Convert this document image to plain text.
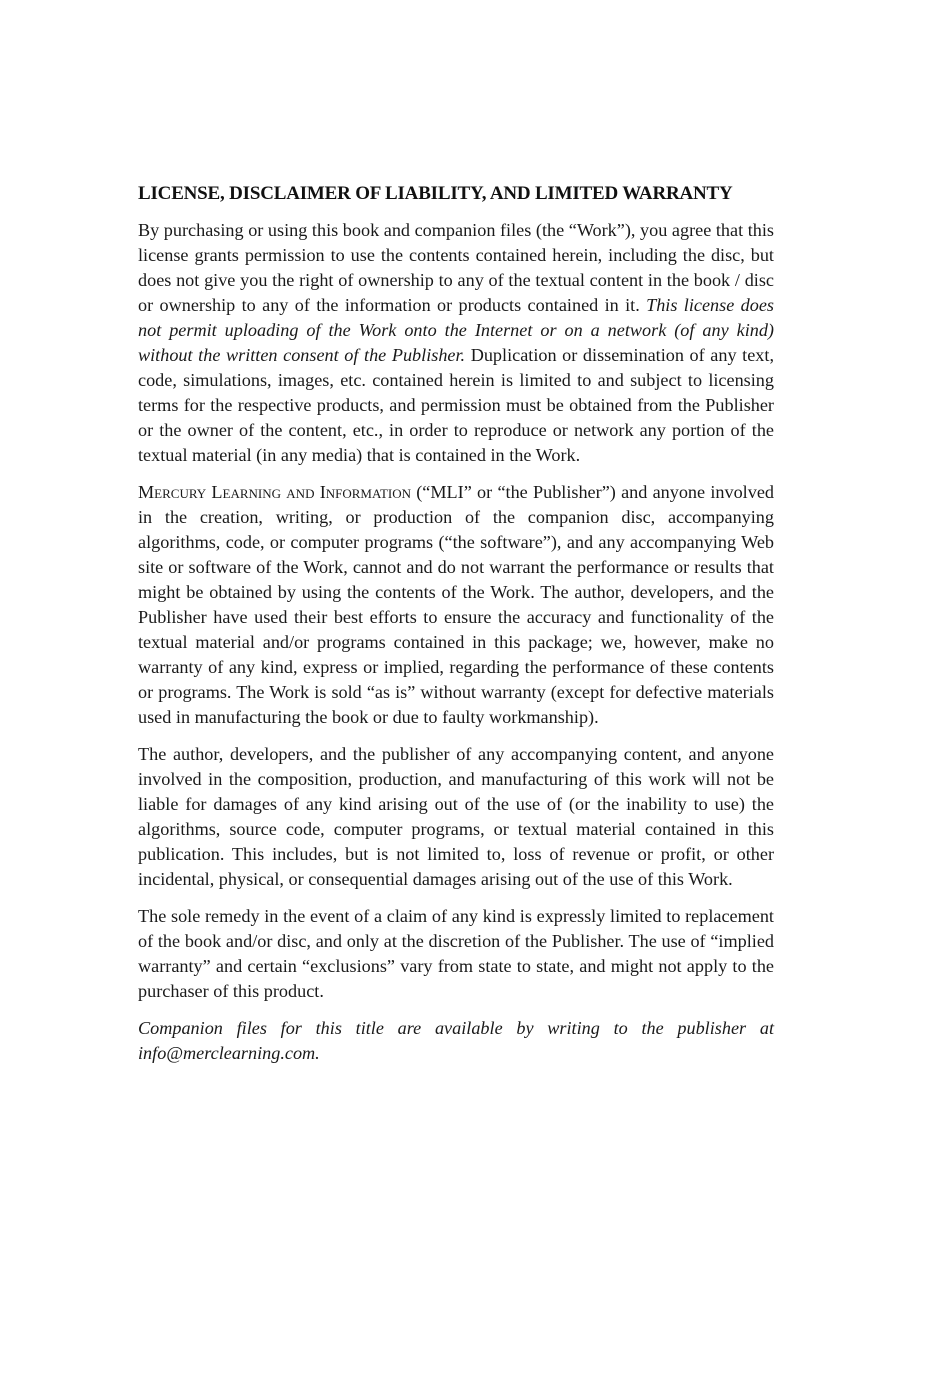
LICENSE, DISCLAIMER OF LIABILITY, AND LIMITED WARRANTY

By purchasing or using this book and companion files (the “Work”), you agree that this license grants permission to use the contents contained herein, including the disc, but does not give you the right of ownership to any of the textual content in the book / disc or ownership to any of the information or products contained in it. This license does not permit uploading of the Work onto the Internet or on a network (of any kind) without the written consent of the Publisher. Duplication or dissemination of any text, code, simulations, images, etc. contained herein is limited to and subject to licensing terms for the respective products, and permission must be obtained from the Publisher or the owner of the content, etc., in order to reproduce or network any portion of the textual material (in any media) that is contained in the Work.

Mercury Learning and Information (“MLI” or “the Publisher”) and anyone involved in the creation, writing, or production of the companion disc, accompanying algorithms, code, or computer programs (“the software”), and any accompanying Web site or software of the Work, cannot and do not warrant the performance or results that might be obtained by using the contents of the Work. The author, developers, and the Publisher have used their best efforts to ensure the accuracy and functionality of the textual material and/or programs contained in this package; we, however, make no warranty of any kind, express or implied, regarding the performance of these contents or programs. The Work is sold “as is” without warranty (except for defective materials used in manufacturing the book or due to faulty workmanship).

The author, developers, and the publisher of any accompanying content, and anyone involved in the composition, production, and manufacturing of this work will not be liable for damages of any kind arising out of the use of (or the inability to use) the algorithms, source code, computer programs, or textual material contained in this publication. This includes, but is not limited to, loss of revenue or profit, or other incidental, physical, or consequential damages arising out of the use of this Work.

The sole remedy in the event of a claim of any kind is expressly limited to replacement of the book and/or disc, and only at the discretion of the Publisher. The use of “implied warranty” and certain “exclusions” vary from state to state, and might not apply to the purchaser of this product.

Companion files for this title are available by writing to the publisher at info@merclearning.com.
